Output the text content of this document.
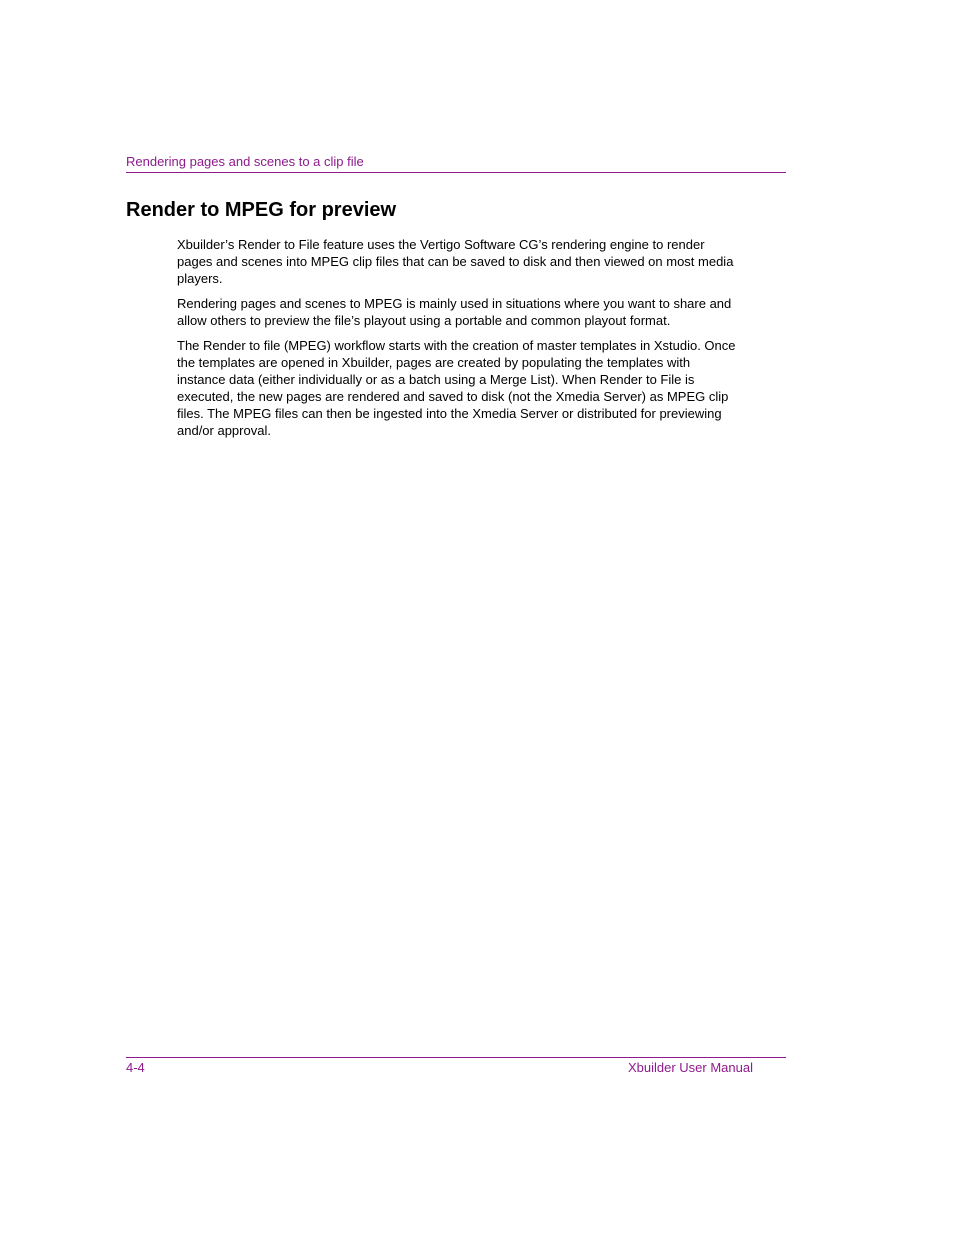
Rendering pages and scenes to a clip file
Render to MPEG for preview

Xbuilder’s Render to File feature uses the Vertigo Software CG’s rendering engine to render pages and scenes into MPEG clip files that can be saved to disk and then viewed on most media players.

Rendering pages and scenes to MPEG is mainly used in situations where you want to share and allow others to preview the file’s playout using a portable and common playout format.

The Render to file (MPEG) workflow starts with the creation of master templates in Xstudio. Once the templates are opened in Xbuilder, pages are created by populating the templates with instance data (either individually or as a batch using a Merge List). When Render to File is executed, the new pages are rendered and saved to disk (not the Xmedia Server) as MPEG clip files. The MPEG files can then be ingested into the Xmedia Server or distributed for previewing and/or approval.

4-4	Xbuilder User Manual
